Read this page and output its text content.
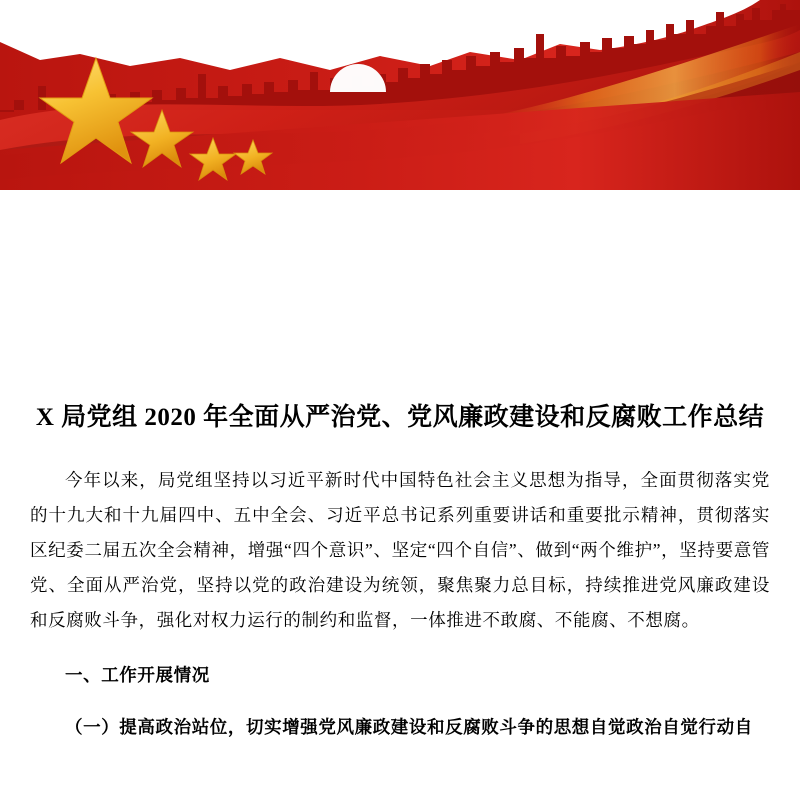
X 局党组 2020 年全面从严治党、党风廉政建设和反腐败工作总结

今年以来，局党组坚持以习近平新时代中国特色社会主义思想为指导，全面贯彻落实党的十九大和十九届四中、五中全会、习近平总书记系列重要讲话和重要批示精神，贯彻落实区纪委二届五次全会精神，增强“四个意识”、坚定“四个自信”、做到“两个维护”，坚持要意管党、全面从严治党，坚持以党的政治建设为统领，聚焦聚力总目标，持续推进党风廉政建设和反腐败斗争，强化对权力运行的制约和监督，一体推进不敢腐、不能腐、不想腐。

一、工作开展情况

（一）提高政治站位，切实增强党风廉政建设和反腐败斗争的思想自觉政治自觉行动自
